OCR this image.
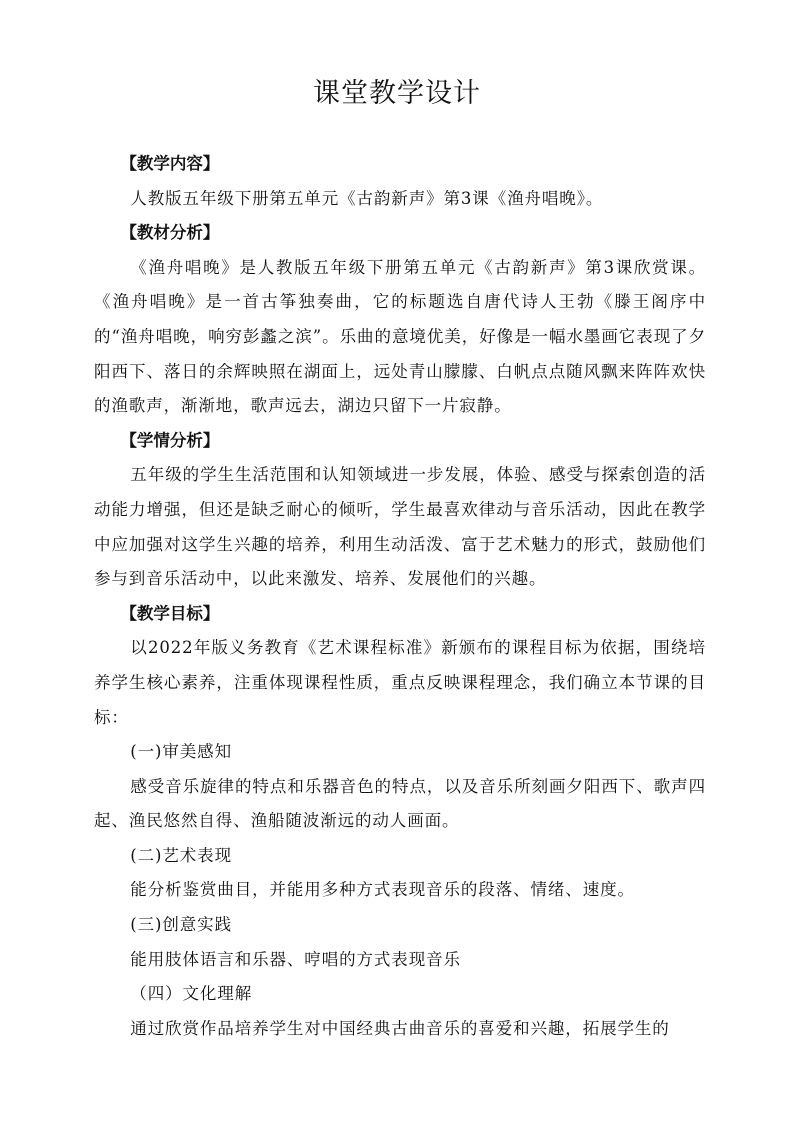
课堂教学设计

【教学内容】

人教版五年级下册第五单元《古韵新声》第3课《渔舟唱晚》。

【教材分析】

《渔舟唱晚》是人教版五年级下册第五单元《古韵新声》第3课欣赏课。《渔舟唱晚》是一首古筝独奏曲，它的标题选自唐代诗人王勃《滕王阁序中的“渔舟唱晚，响穷彭蠡之滨”。乐曲的意境优美，好像是一幅水墨画它表现了夕阳西下、落日的余辉映照在湖面上，远处青山朦朦、白帆点点随风飘来阵阵欢快的渔歌声，渐渐地，歌声远去，湖边只留下一片寂静。

【学情分析】

五年级的学生生活范围和认知领域进一步发展，体验、感受与探索创造的活动能力增强，但还是缺乏耐心的倾听，学生最喜欢律动与音乐活动，因此在教学中应加强对这学生兴趣的培养，利用生动活泼、富于艺术魅力的形式，鼓励他们参与到音乐活动中，以此来激发、培养、发展他们的兴趣。

【教学目标】

以2022年版义务教育《艺术课程标准》新颁布的课程目标为依据，围绕培养学生核心素养，注重体现课程性质，重点反映课程理念，我们确立本节课的目标：

(一)审美感知

感受音乐旋律的特点和乐器音色的特点，以及音乐所刻画夕阳西下、歌声四起、渔民悠然自得、渔船随波渐远的动人画面。

(二)艺术表现

能分析鉴赏曲目，并能用多种方式表现音乐的段落、情绪、速度。

(三)创意实践

能用肢体语言和乐器、哼唱的方式表现音乐

（四）文化理解

通过欣赏作品培养学生对中国经典古曲音乐的喜爱和兴趣，拓展学生的
